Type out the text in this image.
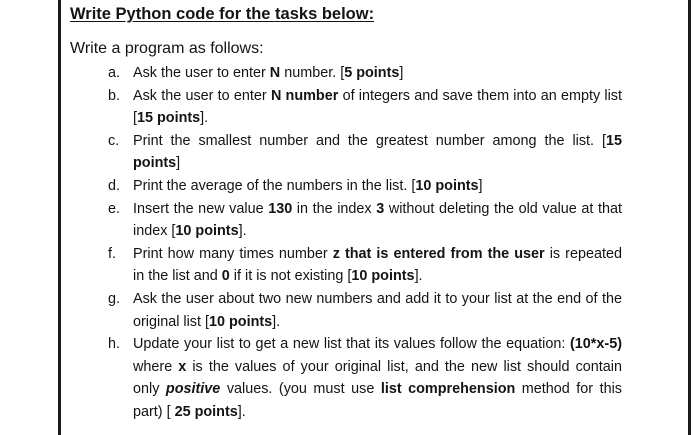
Write Python code for the tasks below:
Write a program as follows:
a. Ask the user to enter N number. [5 points]
b. Ask the user to enter N number of integers and save them into an empty list [15 points].
c. Print the smallest number and the greatest number among the list. [15 points]
d. Print the average of the numbers in the list. [10 points]
e. Insert the new value 130 in the index 3 without deleting the old value at that index [10 points].
f.	Print how many times number z that is entered from the user is repeated in the list and 0 if it is not existing [10 points].
g. Ask the user about two new numbers and add it to your list at the end of the original list [10 points].
h. Update your list to get a new list that its values follow the equation: (10*x-5) where x is the values of your original list, and the new list should contain only positive values. (you must use list comprehension method for this part) [ 25 points].
